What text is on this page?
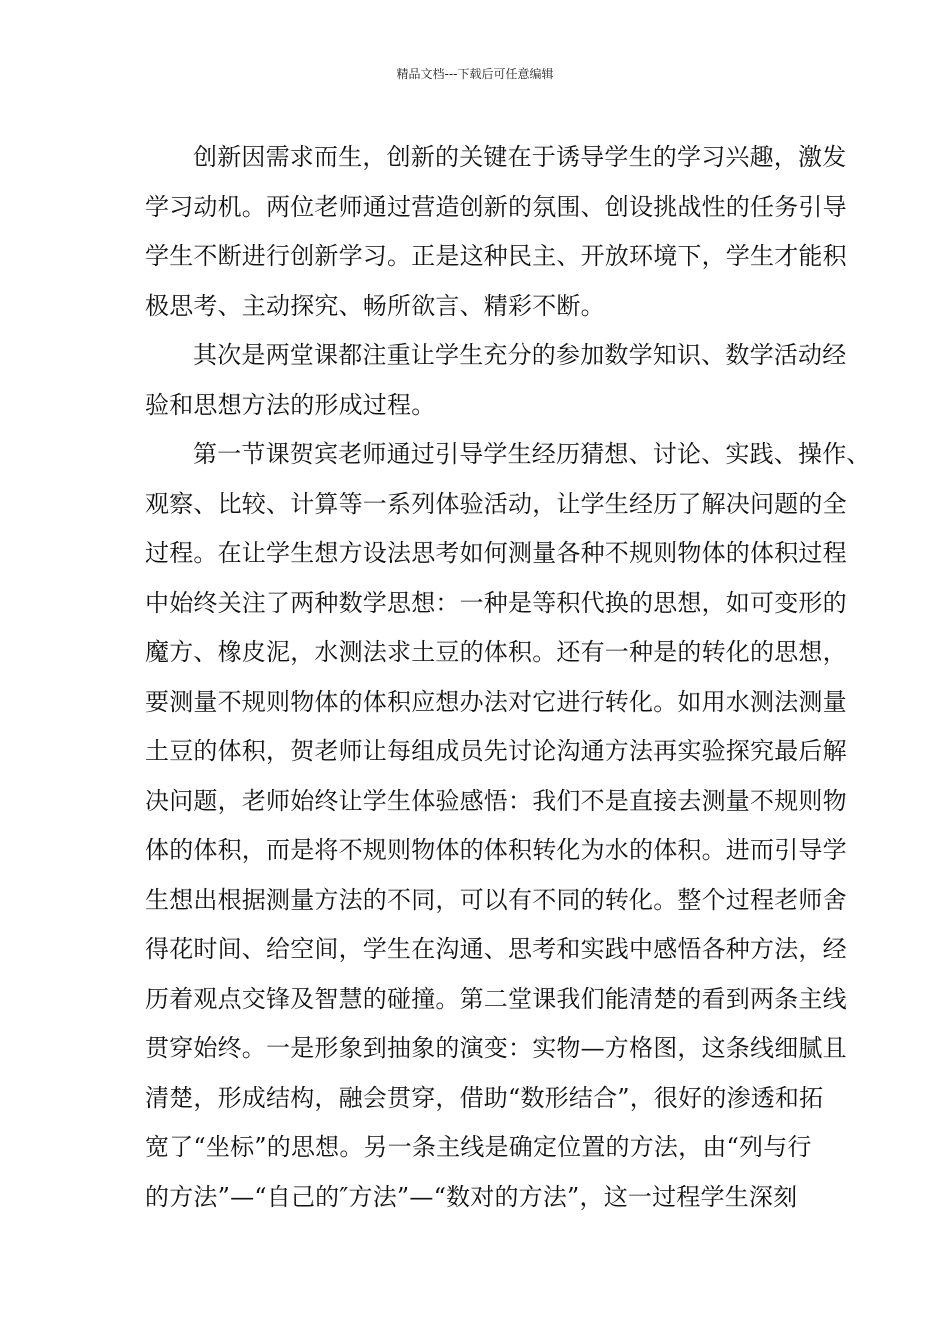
精品文档---下载后可任意编辑

创新因需求而生，创新的关键在于诱导学生的学习兴趣，激发
学习动机。两位老师通过营造创新的氛围、创设挑战性的任务引导
学生不断进行创新学习。正是这种民主、开放环境下，学生才能积
极思考、主动探究、畅所欲言、精彩不断。

其次是两堂课都注重让学生充分的参加数学知识、数学活动经
验和思想方法的形成过程。

第一节课贺宾老师通过引导学生经历猜想、讨论、实践、操作、
观察、比较、计算等一系列体验活动，让学生经历了解决问题的全
过程。在让学生想方设法思考如何测量各种不规则物体的体积过程
中始终关注了两种数学思想：一种是等积代换的思想，如可变形的
魔方、橡皮泥，水测法求土豆的体积。还有一种是的转化的思想，
要测量不规则物体的体积应想办法对它进行转化。如用水测法测量
土豆的体积，贺老师让每组成员先讨论沟通方法再实验探究最后解
决问题，老师始终让学生体验感悟：我们不是直接去测量不规则物
体的体积，而是将不规则物体的体积转化为水的体积。进而引导学
生想出根据测量方法的不同，可以有不同的转化。整个过程老师舍
得花时间、给空间，学生在沟通、思考和实践中感悟各种方法，经
历着观点交锋及智慧的碰撞。第二堂课我们能清楚的看到两条主线
贯穿始终。一是形象到抽象的演变：实物—方格图，这条线细腻且
清楚，形成结构，融会贯穿，借助“数形结合”，很好的渗透和拓
宽了“坐标”的思想。另一条主线是确定位置的方法，由“列与行
的方法”—“自己的″方法”—“数对的方法”，这一过程学生深刻
